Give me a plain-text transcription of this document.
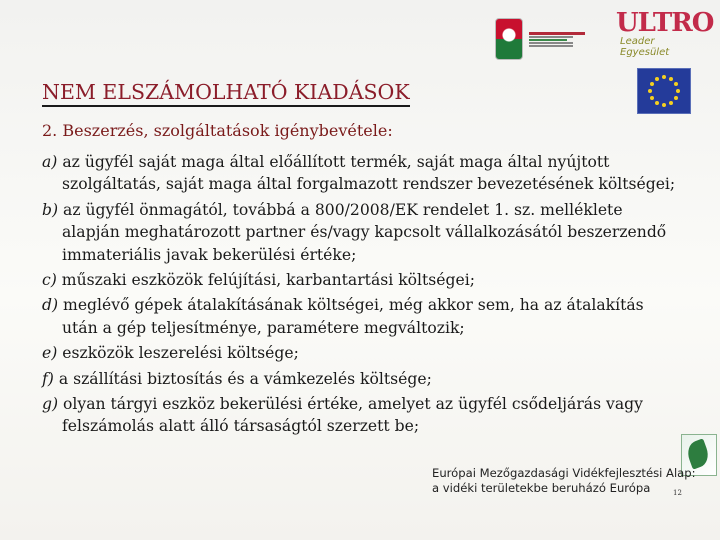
ULTRO
Leader Egyesület
NEM ELSZÁMOLHATÓ KIADÁSOK
2. Beszerzés, szolgáltatások igénybevétele:

a) az ügyfél saját maga által előállított termék, saját maga által nyújtott szolgáltatás, saját maga által forgalmazott rendszer bevezetésének költségei;

b) az ügyfél önmagától, továbbá a 800/2008/EK rendelet 1. sz. melléklete alapján meghatározott partner és/vagy kapcsolt vállalkozásától beszerzendő immateriális javak bekerülési értéke;

c) műszaki eszközök felújítási, karbantartási költségei;

d) meglévő gépek átalakításának költségei, még akkor sem, ha az átalakítás után a gép teljesítménye, paramétere megváltozik;

e) eszközök leszerelési költsége;

f) a szállítási biztosítás és a vámkezelés költsége;

g) olyan tárgyi eszköz bekerülési értéke, amelyet az ügyfél csődeljárás vagy felszámolás alatt álló társaságtól szerzett be;

Európai Mezőgazdasági Vidékfejlesztési Alap:
a vidéki területekbe beruházó Európa	12
